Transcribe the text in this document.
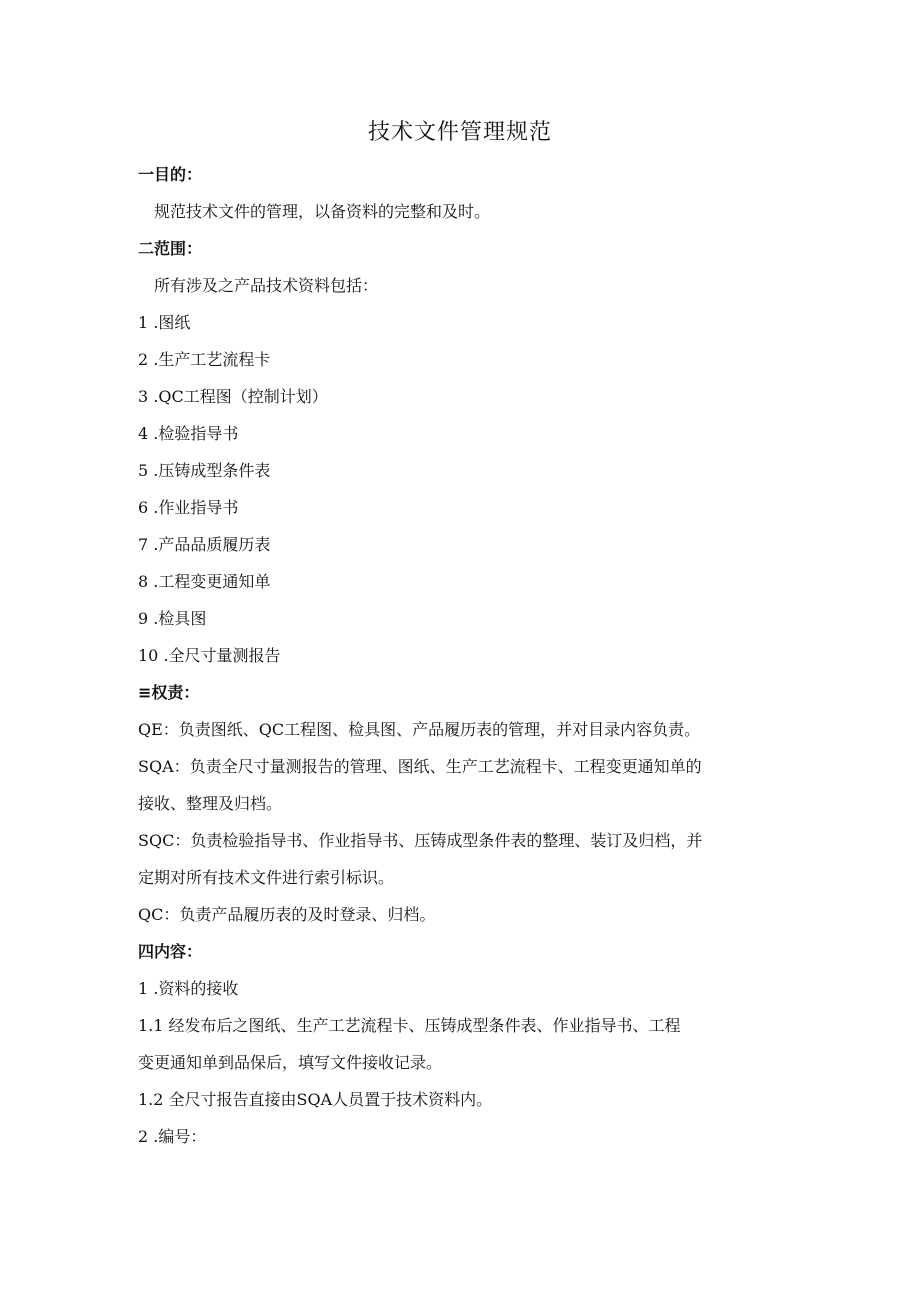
技术文件管理规范

一目的：

规范技术文件的管理，以备资料的完整和及时。

二范围：

所有涉及之产品技术资料包括：

1 .图纸

2 .生产工艺流程卡

3 .QC工程图（控制计划）

4 .检验指导书

5 .压铸成型条件表

6 .作业指导书

7 .产品品质履历表

8 .工程变更通知单

9 .检具图

10 .全尺寸量测报告

≡权责：

QE：负责图纸、QC工程图、检具图、产品履历表的管理，并对目录内容负责。

SQA：负责全尺寸量测报告的管理、图纸、生产工艺流程卡、工程变更通知单的

接收、整理及归档。

SQC：负责检验指导书、作业指导书、压铸成型条件表的整理、装订及归档，并

定期对所有技术文件进行索引标识。

QC：负责产品履历表的及时登录、归档。

四内容：

1 .资料的接收

1.1 经发布后之图纸、生产工艺流程卡、压铸成型条件表、作业指导书、工程

变更通知单到品保后，填写文件接收记录。

1.2 全尺寸报告直接由SQA人员置于技术资料内。

2 .编号：
